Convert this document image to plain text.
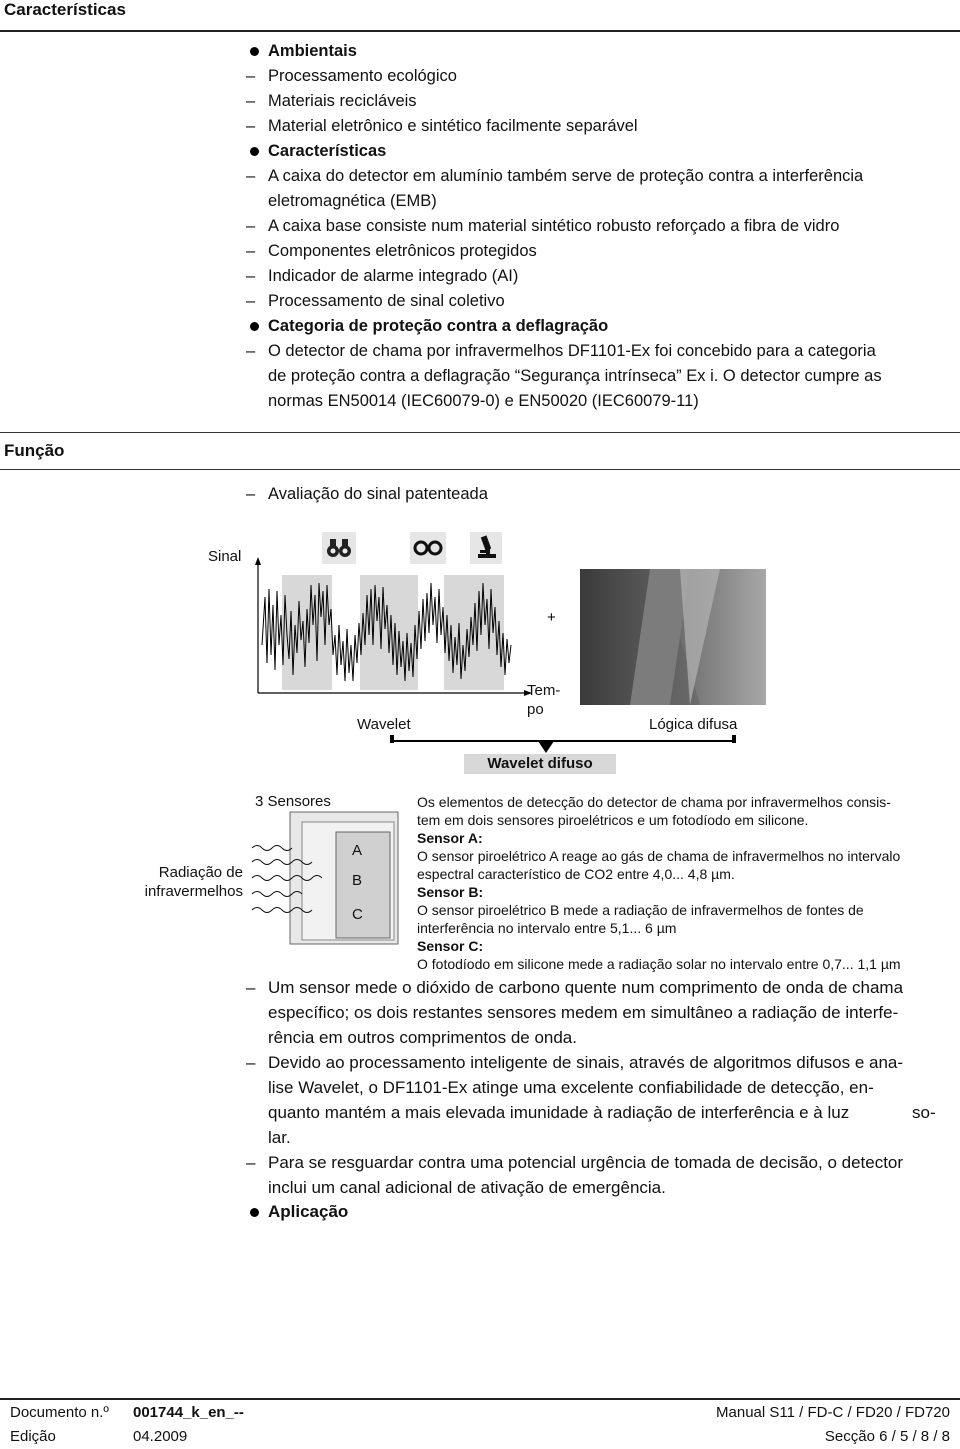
Características
Ambientais
– Processamento ecológico
– Materiais recicláveis
– Material eletrônico e sintético facilmente separável
Características
– A caixa do detector em alumínio também serve de proteção contra a interferência
eletromagnética (EMB)
– A caixa base consiste num material sintético robusto reforçado a fibra de vidro
– Componentes eletrônicos protegidos
– Indicador de alarme integrado (AI)
– Processamento de sinal coletivo
Categoria de proteção contra a deflagração
– O detector de chama por infravermelhos DF1101-Ex foi concebido para a categoria
de proteção contra a deflagração “Segurança intrínseca” Ex i. O detector cumpre as
normas EN50014 (IEC60079-0) e EN50020 (IEC60079-11)
Função
– Avaliação do sinal patenteada
Sinal
+
Tem-
po
Wavelet	Lógica difusa
Wavelet difuso
3 Sensores
Radiação de
infravermelhos
A
B
C
Os elementos de detecção do detector de chama por infravermelhos consis-
tem em dois sensores piroelétricos e um fotodíodo em silicone.
Sensor A:
O sensor piroelétrico A reage ao gás de chama de infravermelhos no intervalo
espectral característico de CO2 entre 4,0... 4,8 µm.
Sensor B:
O sensor piroelétrico B mede a radiação de infravermelhos de fontes de
interferência no intervalo entre 5,1... 6 µm
Sensor C:
O fotodíodo em silicone mede a radiação solar no intervalo entre 0,7... 1,1 µm
– Um sensor mede o dióxido de carbono quente num comprimento de onda de chama
específico; os dois restantes sensores medem em simultâneo a radiação de interfe-
rência em outros comprimentos de onda.
– Devido ao processamento inteligente de sinais, através de algoritmos difusos e ana-
lise Wavelet, o DF1101-Ex atinge uma excelente confiabilidade de detecção, en-
quanto mantém a mais elevada imunidade à radiação de interferência e à luz	so-
lar.
– Para se resguardar contra uma potencial urgência de tomada de decisão, o detector
inclui um canal adicional de ativação de emergência.
Aplicação
Documento n.º 001744_k_en_--	Manual S11 / FD-C / FD20 / FD720
Edição	04.2009	Secção 6 / 5 / 8 / 8
